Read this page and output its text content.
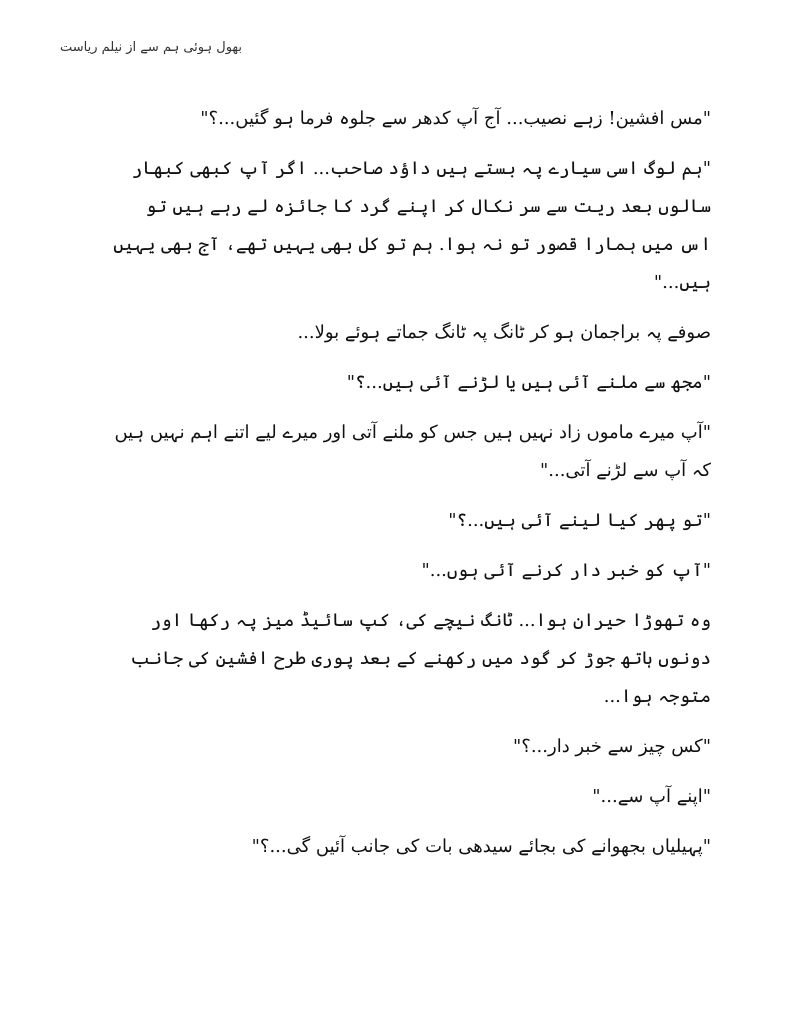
بھول ہوئی ہم سے از نیلم ریاست

"مس افشین! زہے نصیب... آج آپ کدھر سے جلوہ فرما ہو گئیں...؟"

"ہم لوگ اسی سیارے پہ بستے ہیں داؤد صاحب... اگر آپ کبھی کبھار سالوں بعد ریت سے سر نکال کر اپنے گرد کا جائزہ لے رہے ہیں تو اس میں ہمارا قصور تو نہ ہوا. ہم تو کل بھی یہیں تھے، آج بھی یہیں ہیں..."

صوفے پہ براجمان ہو کر ٹانگ پہ ٹانگ جماتے ہوئے بولا...

"مجھ سے ملنے آئی ہیں یا لڑنے آئی ہیں...؟"

"آپ میرے ماموں زاد نہیں ہیں جس کو ملنے آتی اور میرے لیے اتنے اہم نہیں ہیں کہ آپ سے لڑنے آتی..."

"تو پھر کیا لینے آئی ہیں...؟"

"آپ کو خبر دار کرنے آئی ہوں..."

وہ تھوڑا حیران ہوا... ٹانگ نیچے کی، کپ سائیڈ میز پہ رکھا اور دونوں ہاتھ جوڑ کر گود میں رکھنے کے بعد پوری طرح افشین کی جانب متوجہ ہوا...

"کس چیز سے خبر دار...؟"

"اپنے آپ سے..."

"پہیلیاں بجھوانے کی بجائے سیدھی بات کی جانب آئیں گی...؟"
